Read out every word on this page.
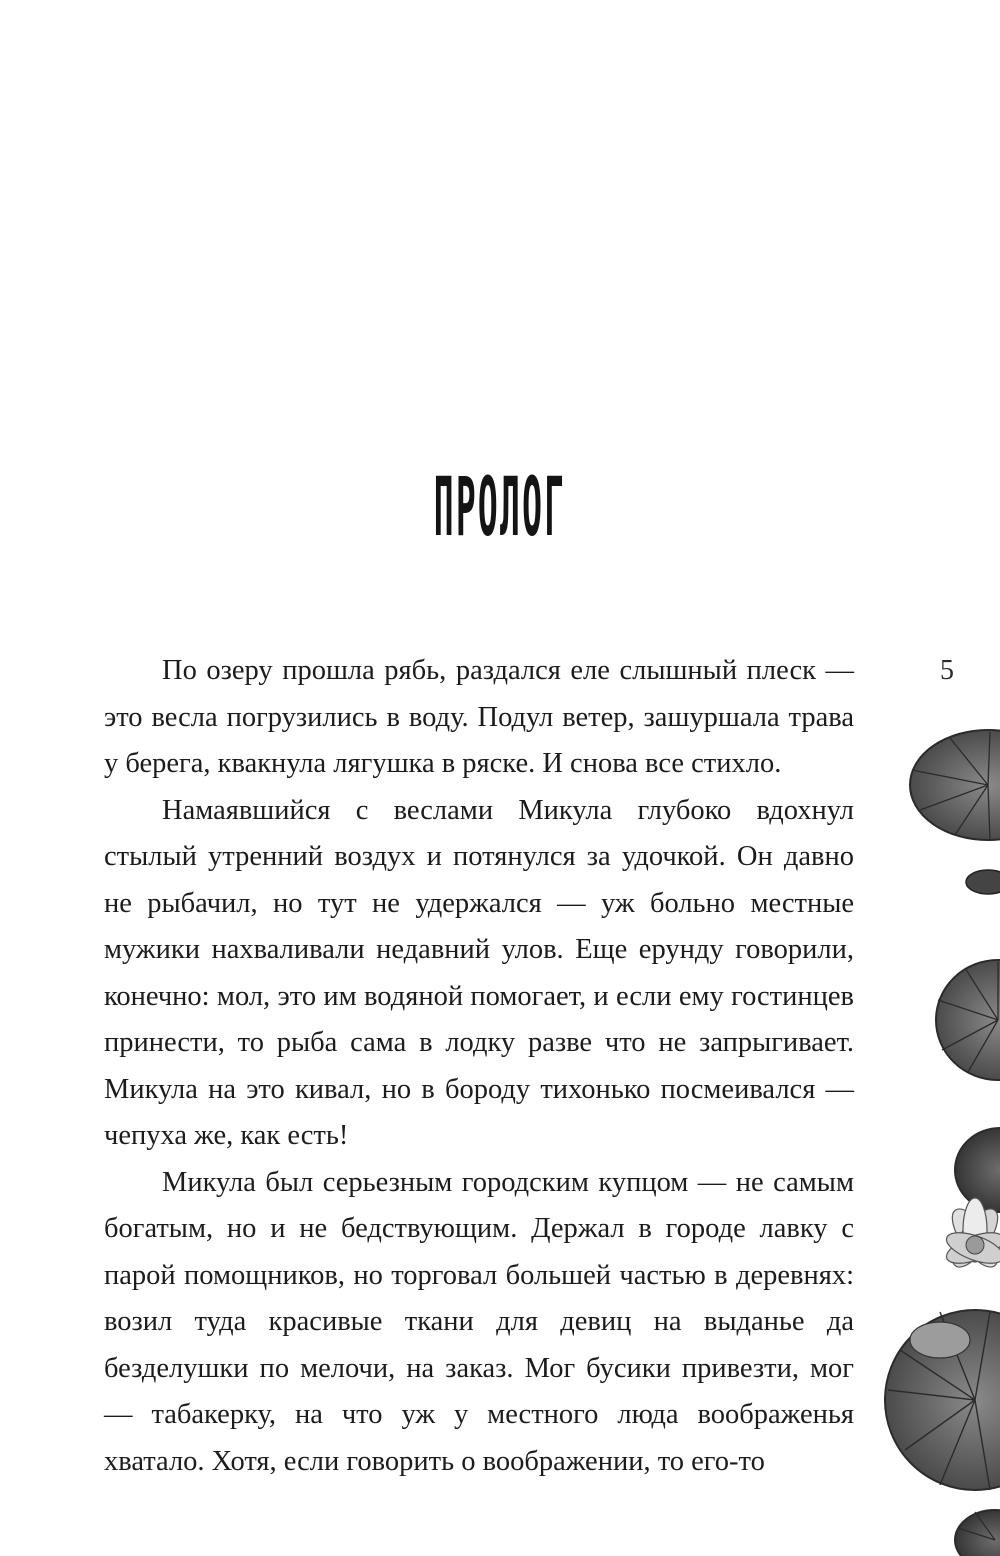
ПРОЛОГ
5

По озеру прошла рябь, раздался еле слышный плеск — это весла погрузились в воду. Подул ветер, зашуршала трава у берега, квакнула лягушка в ряске. И снова все стихло.

Намаявшийся с веслами Микула глубоко вдохнул стылый утренний воздух и потянулся за удочкой. Он давно не рыбачил, но тут не удержался — уж больно местные мужики нахваливали недавний улов. Еще ерунду говорили, конечно: мол, это им водяной помогает, и если ему гостинцев принести, то рыба сама в лодку разве что не запрыгивает. Микула на это кивал, но в бороду тихонько посмеивался — чепуха же, как есть!

Микула был серьезным городским купцом — не самым богатым, но и не бедствующим. Держал в городе лавку с парой помощников, но торговал большей частью в деревнях: возил туда красивые ткани для девиц на выданье да безделушки по мелочи, на заказ. Мог бусики привезти, мог — табакерку, на что уж у местного люда воображенья хватало. Хотя, если говорить о воображении, то его-то
